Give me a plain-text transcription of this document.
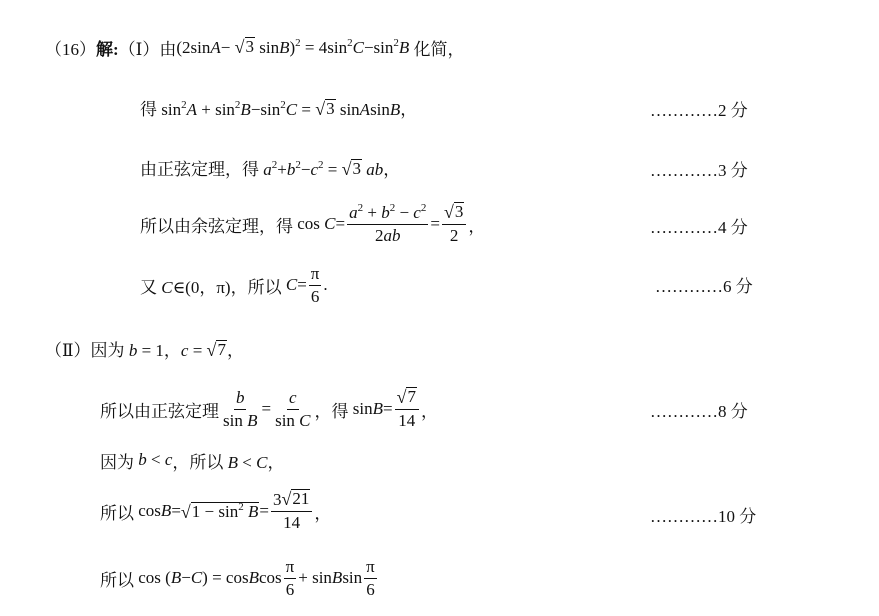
（16） 解: （Ⅰ）由 (2sinA− √ 3 $\sin B)^2 = 4\sin^2C-\sin^2B$ 化简，
得
$\sin^2A + \sin^2B-\sin^2C$ = √ 3 sinAsinB，	…………2 分
由正弦定理，得
$a^2+b^2-c^2$ = √ 3 ab，	…………3 分
所以由余弦定理，得
$\cos C = \frac{a^2 + b^2 - c^2}{2ab} = \frac{√ 3}{2}$ ，	…………4 分
又
C∈(0，π) ，所以
$C = \frac{\pi}{6}$ .	…………6 分
（Ⅱ）因为
b = 1，c = √ 7 ，
所以由正弦定理 $\frac{b}{\text{sin B}} = \frac{c}{\text{sin C}}$ ，得
$\sin B = \frac{√ 7}{14}$ ，	…………8 分
因为
b < c ，所以
B < C，
所以
cos B = √ $1 - \sin^2 B = \frac{3 √ 21}{14}$ ，	…………10 分
所以
cos ( B − C ) = cos B $\cos \frac{\pi}{6} + \sin B$ $\sin \frac{\pi}{6}$
